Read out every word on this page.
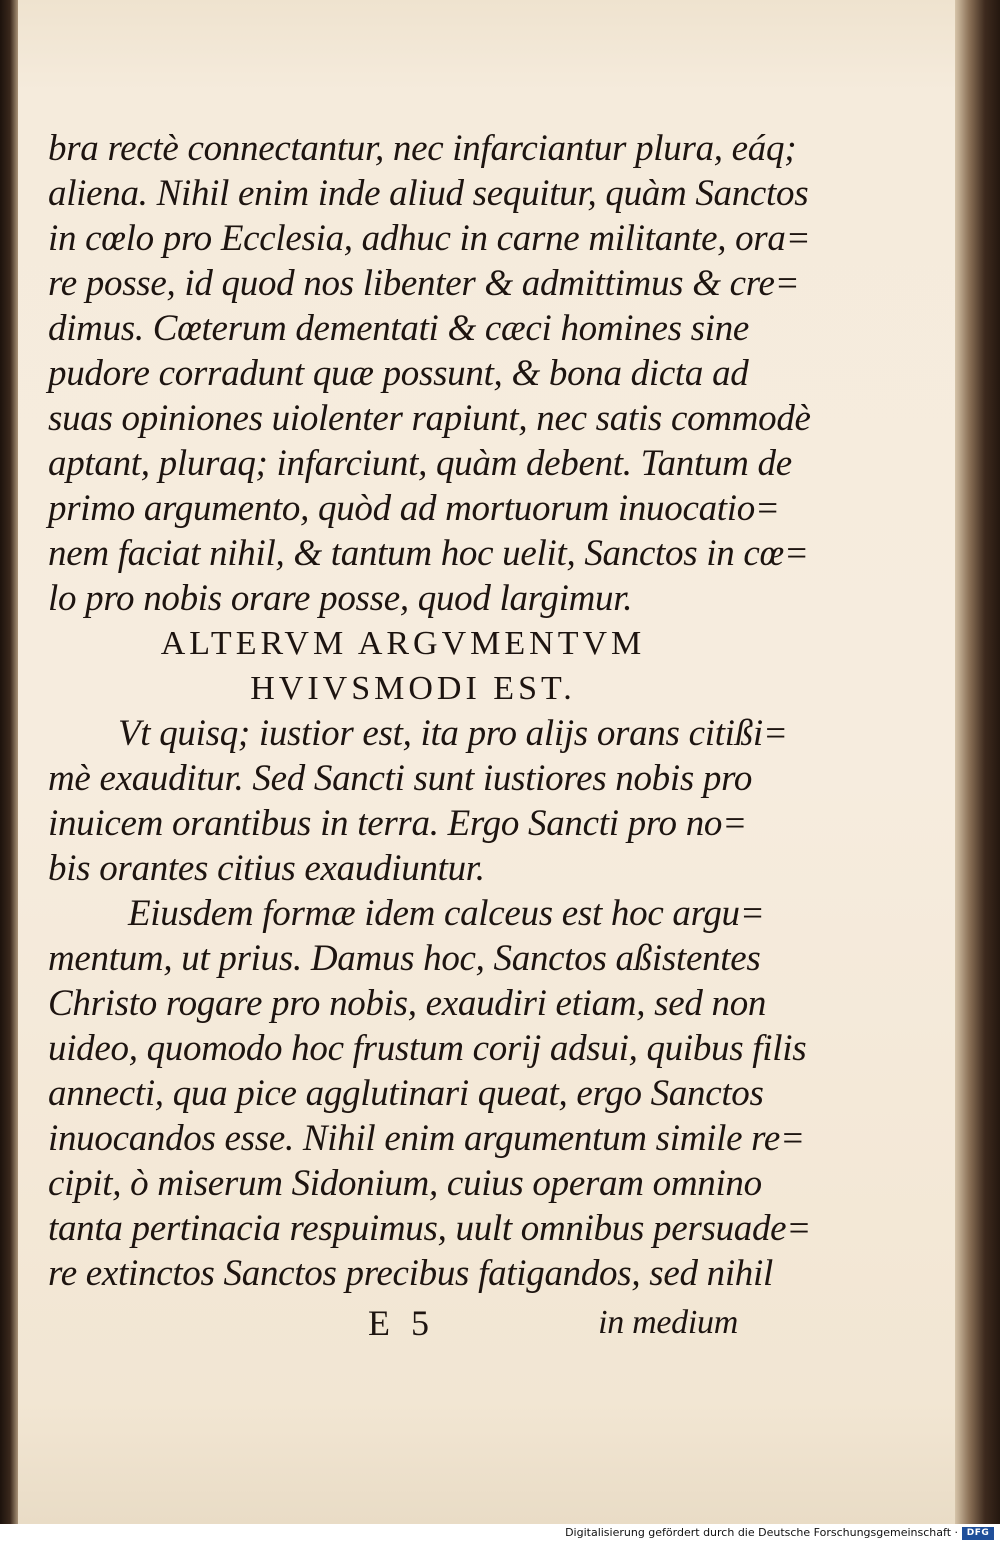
bra rectè connectantur, nec infarciantur plura, eáq;
aliena. Nihil enim inde aliud sequitur, quàm Sanctos
in cœlo pro Ecclesia, adhuc in carne militante, ora=
re posse, id quod nos libenter & admittimus & cre=
dimus. Cœterum dementati & cæci homines sine
pudore corradunt quæ possunt, & bona dicta ad
suas opiniones uiolenter rapiunt, nec satis commodè
aptant, pluraq; infarciunt, quàm debent. Tantum de
primo argumento, quòd ad mortuorum inuocatio=
nem faciat nihil, & tantum hoc uelit, Sanctos in cœ=
lo pro nobis orare posse, quod largimur.
ALTERVM ARGVMENTVM
HVIVSMODI EST.
Vt quisq; iustior est, ita pro alijs orans citißi=
mè exauditur. Sed Sancti sunt iustiores nobis pro
inuicem orantibus in terra. Ergo Sancti pro no=
bis orantes citius exaudiuntur.
Eiusdem formæ idem calceus est hoc argu=
mentum, ut prius. Damus hoc, Sanctos aßistentes
Christo rogare pro nobis, exaudiri etiam, sed non
uideo, quomodo hoc frustum corij adsui, quibus filis
annecti, qua pice agglutinari queat, ergo Sanctos
inuocandos esse. Nihil enim argumentum simile re=
cipit, ò miserum Sidonium, cuius operam omnino
tanta pertinacia respuimus, uult omnibus persuade=
re extinctos Sanctos precibus fatigandos, sed nihil
E 5	in medium
Digitalisierung gefördert durch die Deutsche Forschungsgemeinschaft · DFG
